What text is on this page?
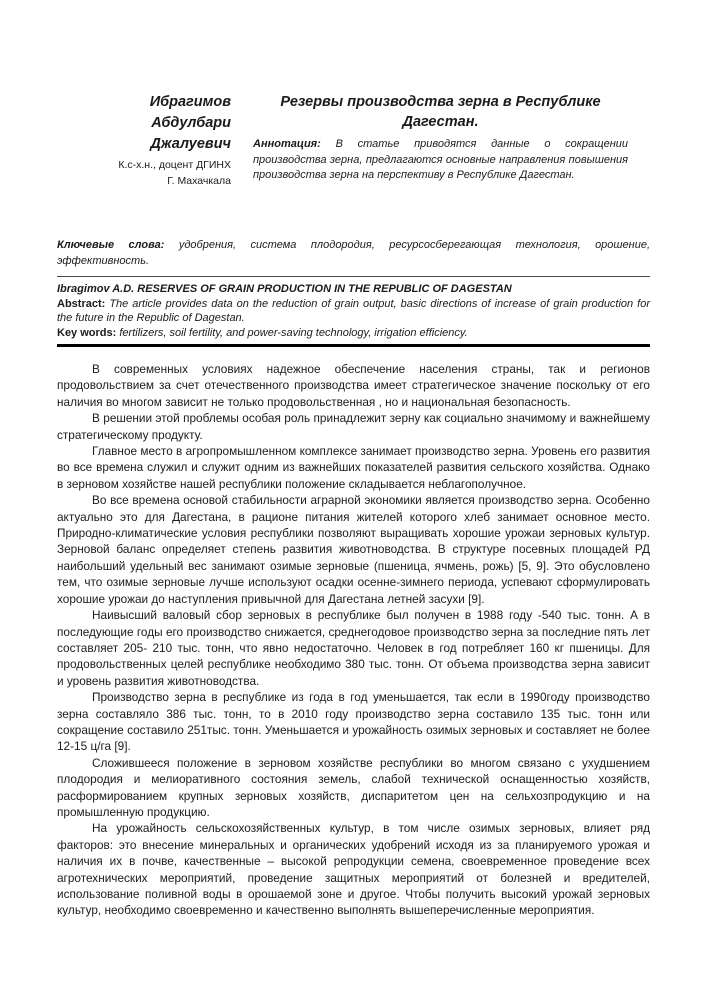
Ибрагимов
Абдулбари
Джалуевич
К.с-х.н., доцент ДГИНХ
Г. Махачкала

Резервы производства зерна в Республике Дагестан.

Аннотация: В статье приводятся данные о сокращении производства зерна, предлагаются основные направления повышения производства зерна на перспективу в Республике Дагестан.

Ключевые слова: удобрения, система плодородия, ресурсосберегающая технология, орошение, эффективность.

Ibragimov A.D. RESERVES OF GRAIN PRODUCTION IN THE REPUBLIC OF DAGESTAN

Abstract: The article provides data on the reduction of grain output, basic directions of increase of grain production for the future in the Republic of Dagestan.

Key words: fertilizers, soil fertility, and power-saving technology, irrigation efficiency.

В современных условиях надежное обеспечение населения страны, так и регионов продовольствием за счет отечественного производства имеет стратегическое значение поскольку от его наличия во многом зависит не только продовольственная , но и национальная безопасность.

В решении этой проблемы особая роль принадлежит зерну как социально значимому и важнейшему стратегическому продукту.

Главное место в агропромышленном комплексе занимает производство зерна. Уровень его развития во все времена служил и служит одним из важнейших показателей развития сельского хозяйства. Однако в зерновом хозяйстве нашей республики положение складывается неблагополучное.

Во все времена основой стабильности аграрной экономики является производство зерна. Особенно актуально это для Дагестана, в рационе питания жителей которого хлеб занимает основное место. Природно-климатические условия республики позволяют выращивать хорошие урожаи зерновых культур. Зерновой баланс определяет степень развития животноводства. В структуре посевных площадей РД наибольший удельный вес занимают озимые зерновые (пшеница, ячмень, рожь) [5, 9]. Это обусловлено тем, что озимые зерновые лучше используют осадки осенне-зимнего периода, успевают сформулировать хорошие урожаи до наступления привычной для Дагестана летней засухи [9].

Наивысший валовый сбор зерновых в республике был получен в 1988 году -540 тыс. тонн. А в последующие годы его производство снижается, среднегодовое производство зерна за последние пять лет составляет 205- 210 тыс. тонн, что явно недостаточно. Человек в год потребляет 160 кг пшеницы. Для продовольственных целей республике необходимо 380 тыс. тонн. От объема производства зерна зависит и уровень развития животноводства.

Производство зерна в республике из года в год уменьшается, так если в 1990году производство зерна составляло 386 тыс. тонн, то в 2010 году производство зерна составило 135 тыс. тонн или сокращение составило 251тыс. тонн. Уменьшается и урожайность озимых зерновых и составляет не более 12-15 ц/га [9].

Сложившееся положение в зерновом хозяйстве республики во многом связано с ухудшением плодородия и мелиоративного состояния земель, слабой технической оснащенностью хозяйств, расформированием крупных зерновых хозяйств, диспаритетом цен на сельхозпродукцию и на промышленную продукцию.

На урожайность сельскохозяйственных культур, в том числе озимых зерновых, влияет ряд факторов: это внесение минеральных и органических удобрений исходя из за планируемого урожая и наличия их в почве, качественные – высокой репродукции семена, своевременное проведение всех агротехнических мероприятий, проведение защитных мероприятий от болезней и вредителей, использование поливной воды в орошаемой зоне и другое. Чтобы получить высокий урожай зерновых культур, необходимо своевременно и качественно выполнять вышеперечисленные мероприятия.
